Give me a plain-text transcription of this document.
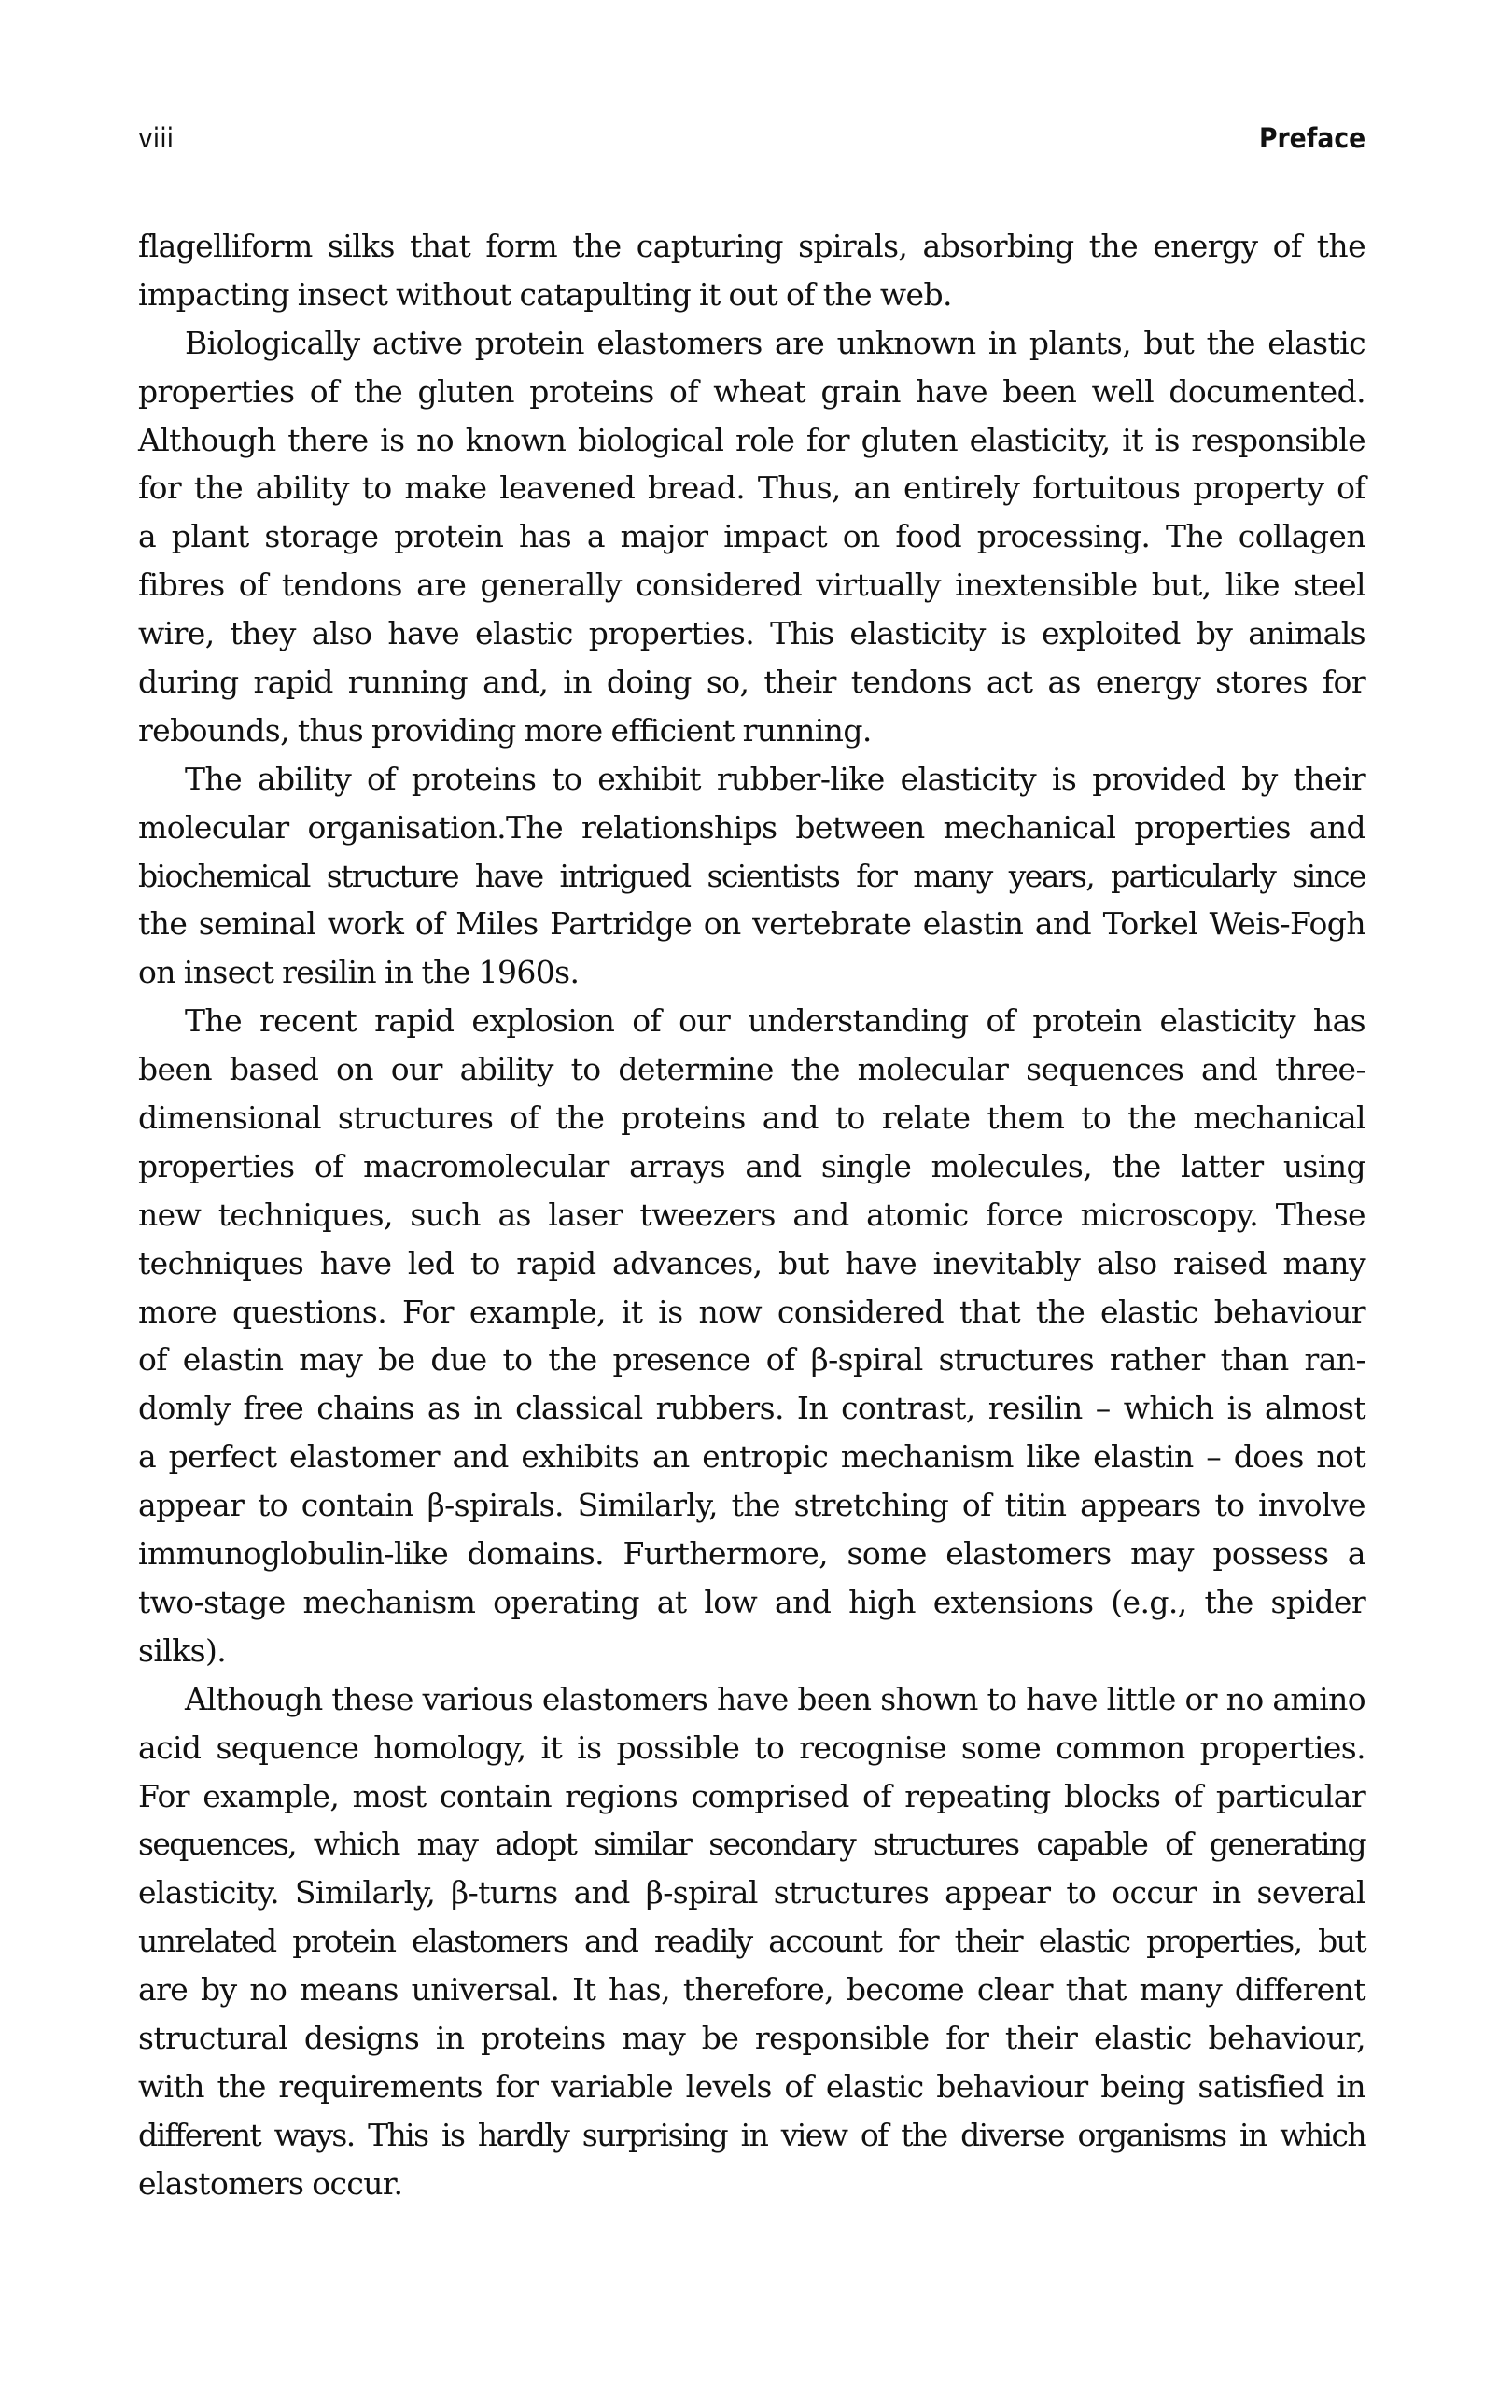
viii	Preface
flagelliform silks that form the capturing spirals, absorbing the energy of the
impacting insect without catapulting it out of the web.
Biologically active protein elastomers are unknown in plants, but the elastic
properties of the gluten proteins of wheat grain have been well documented.
Although there is no known biological role for gluten elasticity, it is responsible
for the ability to make leavened bread. Thus, an entirely fortuitous property of
a plant storage protein has a major impact on food processing. The collagen
fibres of tendons are generally considered virtually inextensible but, like steel
wire, they also have elastic properties. This elasticity is exploited by animals
during rapid running and, in doing so, their tendons act as energy stores for
rebounds, thus providing more efficient running.
The ability of proteins to exhibit rubber-like elasticity is provided by their
molecular organisation.The relationships between mechanical properties and
biochemical structure have intrigued scientists for many years, particularly since
the seminal work of Miles Partridge on vertebrate elastin and Torkel Weis-Fogh
on insect resilin in the 1960s.
The recent rapid explosion of our understanding of protein elasticity has
been based on our ability to determine the molecular sequences and three-
dimensional structures of the proteins and to relate them to the mechanical
properties of macromolecular arrays and single molecules, the latter using
new techniques, such as laser tweezers and atomic force microscopy. These
techniques have led to rapid advances, but have inevitably also raised many
more questions. For example, it is now considered that the elastic behaviour
of elastin may be due to the presence of β-spiral structures rather than ran-
domly free chains as in classical rubbers. In contrast, resilin – which is almost
a perfect elastomer and exhibits an entropic mechanism like elastin – does not
appear to contain β-spirals. Similarly, the stretching of titin appears to involve
immunoglobulin-like domains. Furthermore, some elastomers may possess a
two-stage mechanism operating at low and high extensions (e.g., the spider
silks).
Although these various elastomers have been shown to have little or no amino
acid sequence homology, it is possible to recognise some common properties.
For example, most contain regions comprised of repeating blocks of particular
sequences, which may adopt similar secondary structures capable of generating
elasticity. Similarly, β-turns and β-spiral structures appear to occur in several
unrelated protein elastomers and readily account for their elastic properties, but
are by no means universal. It has, therefore, become clear that many different
structural designs in proteins may be responsible for their elastic behaviour,
with the requirements for variable levels of elastic behaviour being satisfied in
different ways. This is hardly surprising in view of the diverse organisms in which
elastomers occur.
